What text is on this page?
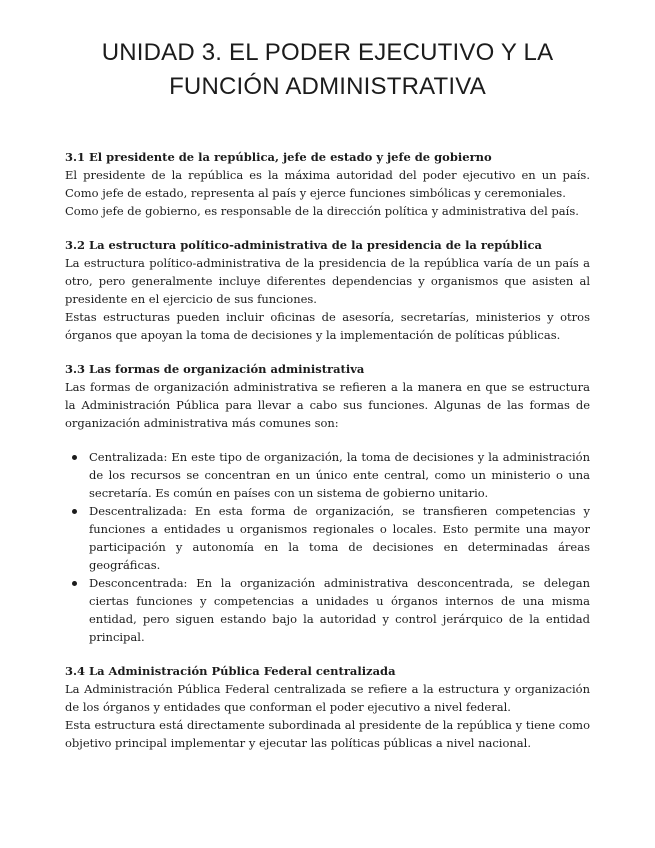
UNIDAD 3. EL PODER EJECUTIVO Y LA
FUNCIÓN ADMINISTRATIVA
3.1 El presidente de la república, jefe de estado y jefe de gobierno

El presidente de la república es la máxima autoridad del poder ejecutivo en un país. Como jefe de estado, representa al país y ejerce funciones simbólicas y ceremoniales.

Como jefe de gobierno, es responsable de la dirección política y administrativa del país.

3.2 La estructura político-administrativa de la presidencia de la república

La estructura político-administrativa de la presidencia de la república varía de un país a otro, pero generalmente incluye diferentes dependencias y organismos que asisten al presidente en el ejercicio de sus funciones.

Estas estructuras pueden incluir oficinas de asesoría, secretarías, ministerios y otros órganos que apoyan la toma de decisiones y la implementación de políticas públicas.

3.3 Las formas de organización administrativa

Las formas de organización administrativa se refieren a la manera en que se estructura la Administración Pública para llevar a cabo sus funciones. Algunas de las formas de organización administrativa más comunes son:

Centralizada: En este tipo de organización, la toma de decisiones y la administración de los recursos se concentran en un único ente central, como un ministerio o una secretaría. Es común en países con un sistema de gobierno unitario.
Descentralizada: En esta forma de organización, se transfieren competencias y funciones a entidades u organismos regionales o locales. Esto permite una mayor participación y autonomía en la toma de decisiones en determinadas áreas geográficas.
Desconcentrada: En la organización administrativa desconcentrada, se delegan ciertas funciones y competencias a unidades u órganos internos de una misma entidad, pero siguen estando bajo la autoridad y control jerárquico de la entidad principal.
3.4 La Administración Pública Federal centralizada

La Administración Pública Federal centralizada se refiere a la estructura y organización de los órganos y entidades que conforman el poder ejecutivo a nivel federal.

Esta estructura está directamente subordinada al presidente de la república y tiene como objetivo principal implementar y ejecutar las políticas públicas a nivel nacional.
